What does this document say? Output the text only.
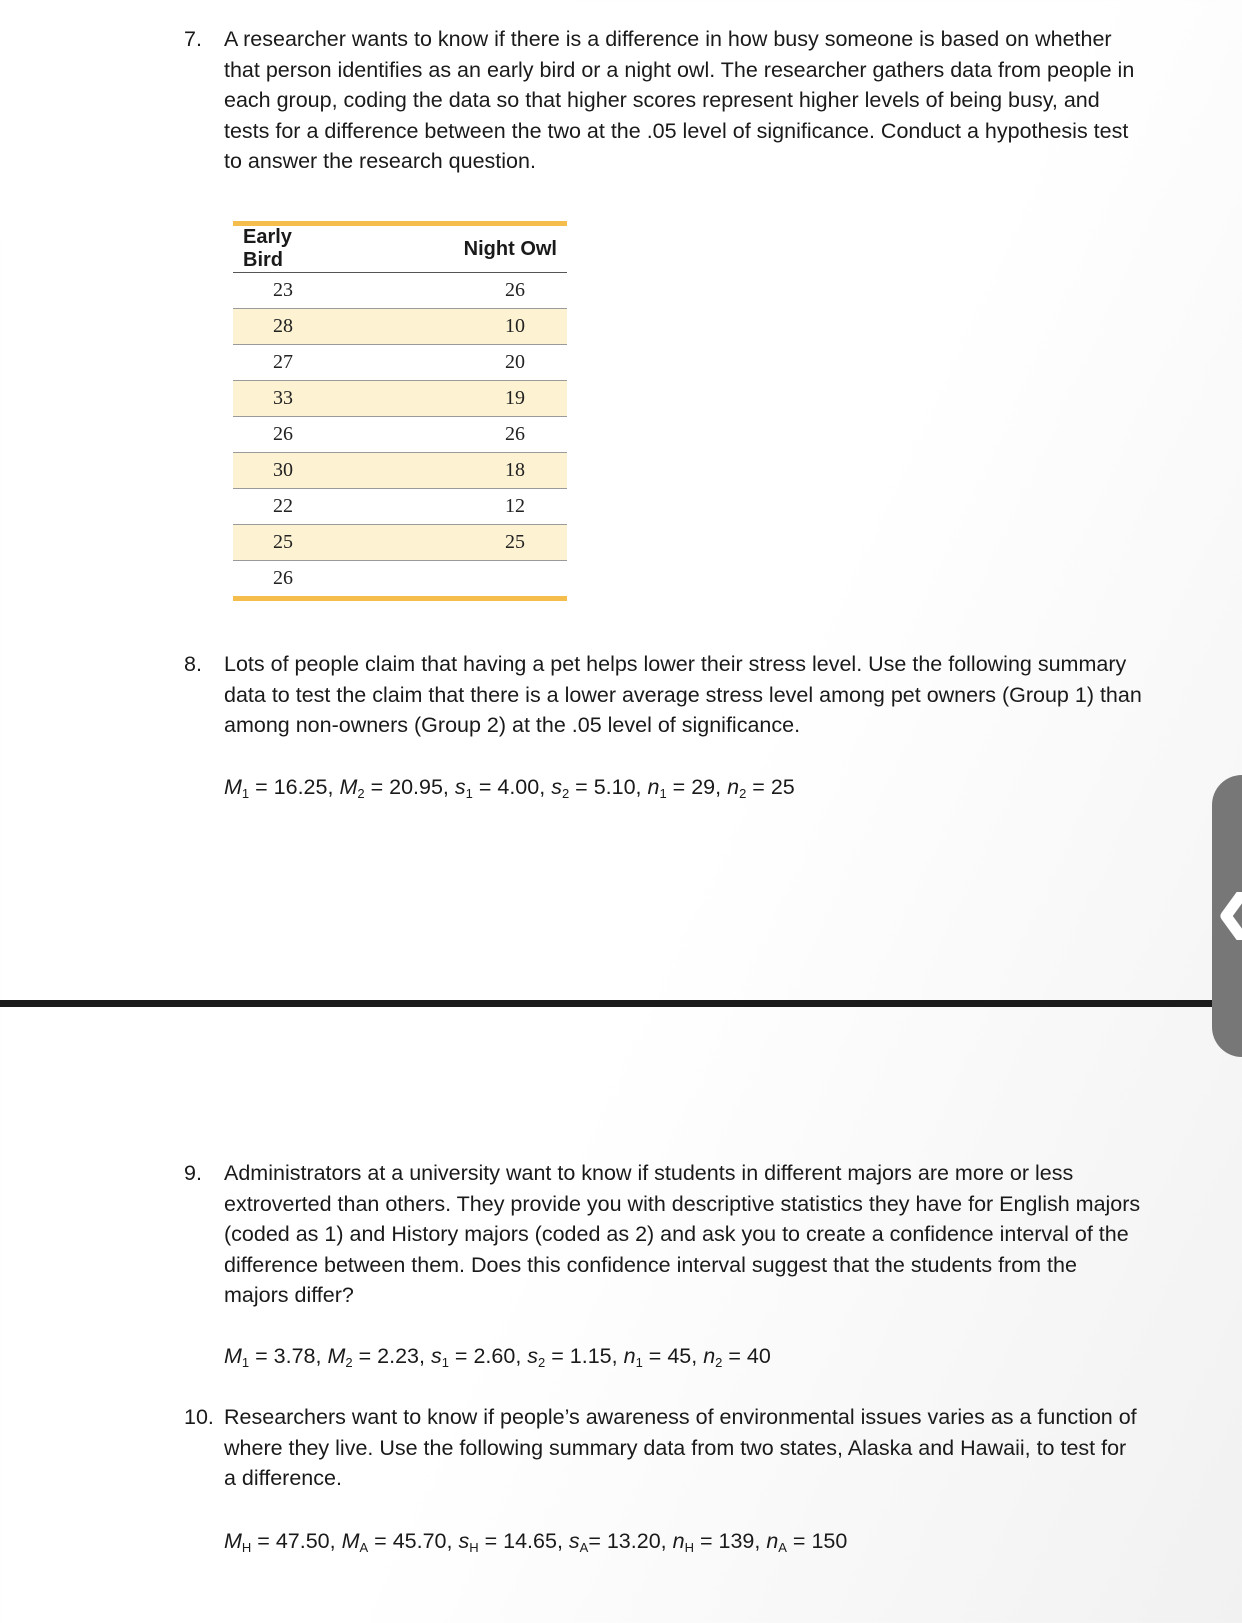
7. A researcher wants to know if there is a difference in how busy someone is based on whether that person identifies as an early bird or a night owl. The researcher gathers data from people in each group, coding the data so that higher scores represent higher levels of being busy, and tests for a difference between the two at the .05 level of significance. Conduct a hypothesis test to answer the research question.
Early Bird	Night Owl
23	26
28	10
27	20
33	19
26	26
30	18
22	12
25	25
26	
8. Lots of people claim that having a pet helps lower their stress level. Use the following summary data to test the claim that there is a lower average stress level among pet owners (Group 1) than among non-owners (Group 2) at the .05 level of significance.
$M_1 = 16.25$, $M_2 = 20.95$, $s_1 = 4.00$, $s_2 = 5.10$, $n_1 = 29$, $n_2 = 25$
9. Administrators at a university want to know if students in different majors are more or less extroverted than others. They provide you with descriptive statistics they have for English majors (coded as 1) and History majors (coded as 2) and ask you to create a confidence interval of the difference between them. Does this confidence interval suggest that the students from the majors differ?
$M_1 = 3.78$, $M_2 = 2.23$, $s_1 = 2.60$, $s_2 = 1.15$, $n_1 = 45$, $n_2 = 40$
10. Researchers want to know if people’s awareness of environmental issues varies as a function of where they live. Use the following summary data from two states, Alaska and Hawaii, to test for a difference.
$M_H = 47.50$, $M_A = 45.70$, $s_H = 14.65$, $s_A= 13.20$, $n_H = 139$, $n_A = 150$
